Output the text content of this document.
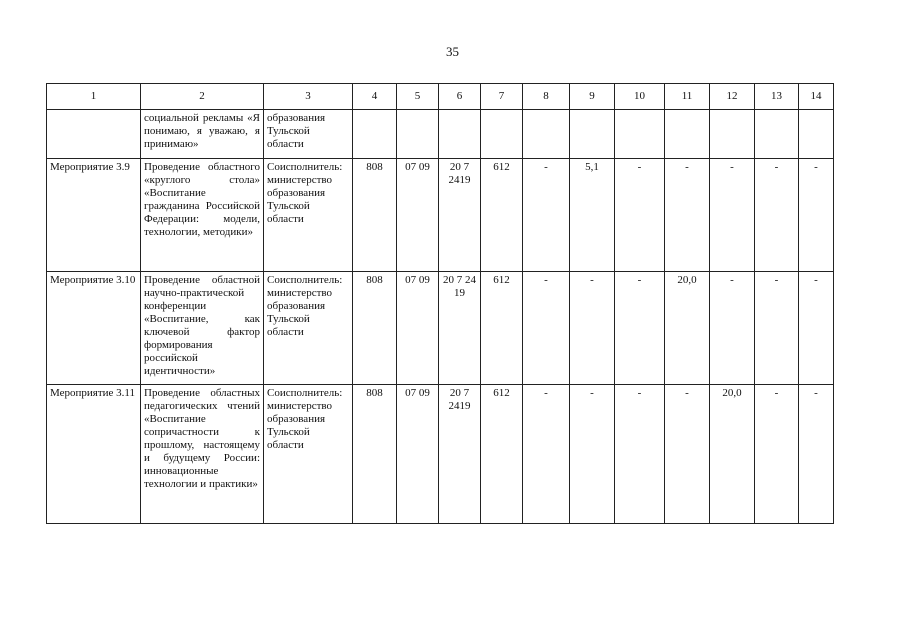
35
1	2	3	4	5	6	7	8	9	10	11	12	13	14
	социальной рекламы «Я понимаю, я уважаю, я принимаю»	образования Тульской области											
Мероприятие 3.9	Проведение областного «круглого стола» «Воспитание гражданина Российской Федерации: модели, технологии, методики»	Соисполнитель: министерство образования Тульской области	808	07 09	20 7 2419	612	-	5,1	-	-	-	-	-
Мероприятие 3.10	Проведение областной научно-практической конференции «Воспитание, как ключевой фактор формирования российской идентичности»	Соисполнитель: министерство образования Тульской области	808	07 09	20 7 24 19	612	-	-	-	20,0	-	-	-
Мероприятие 3.11	Проведение областных педагогических чтений «Воспитание сопричастности к прошлому, настоящему и будущему России: инновационные технологии и практики»	Соисполнитель: министерство образования Тульской области	808	07 09	20 7 2419	612	-	-	-	-	20,0	-	-
